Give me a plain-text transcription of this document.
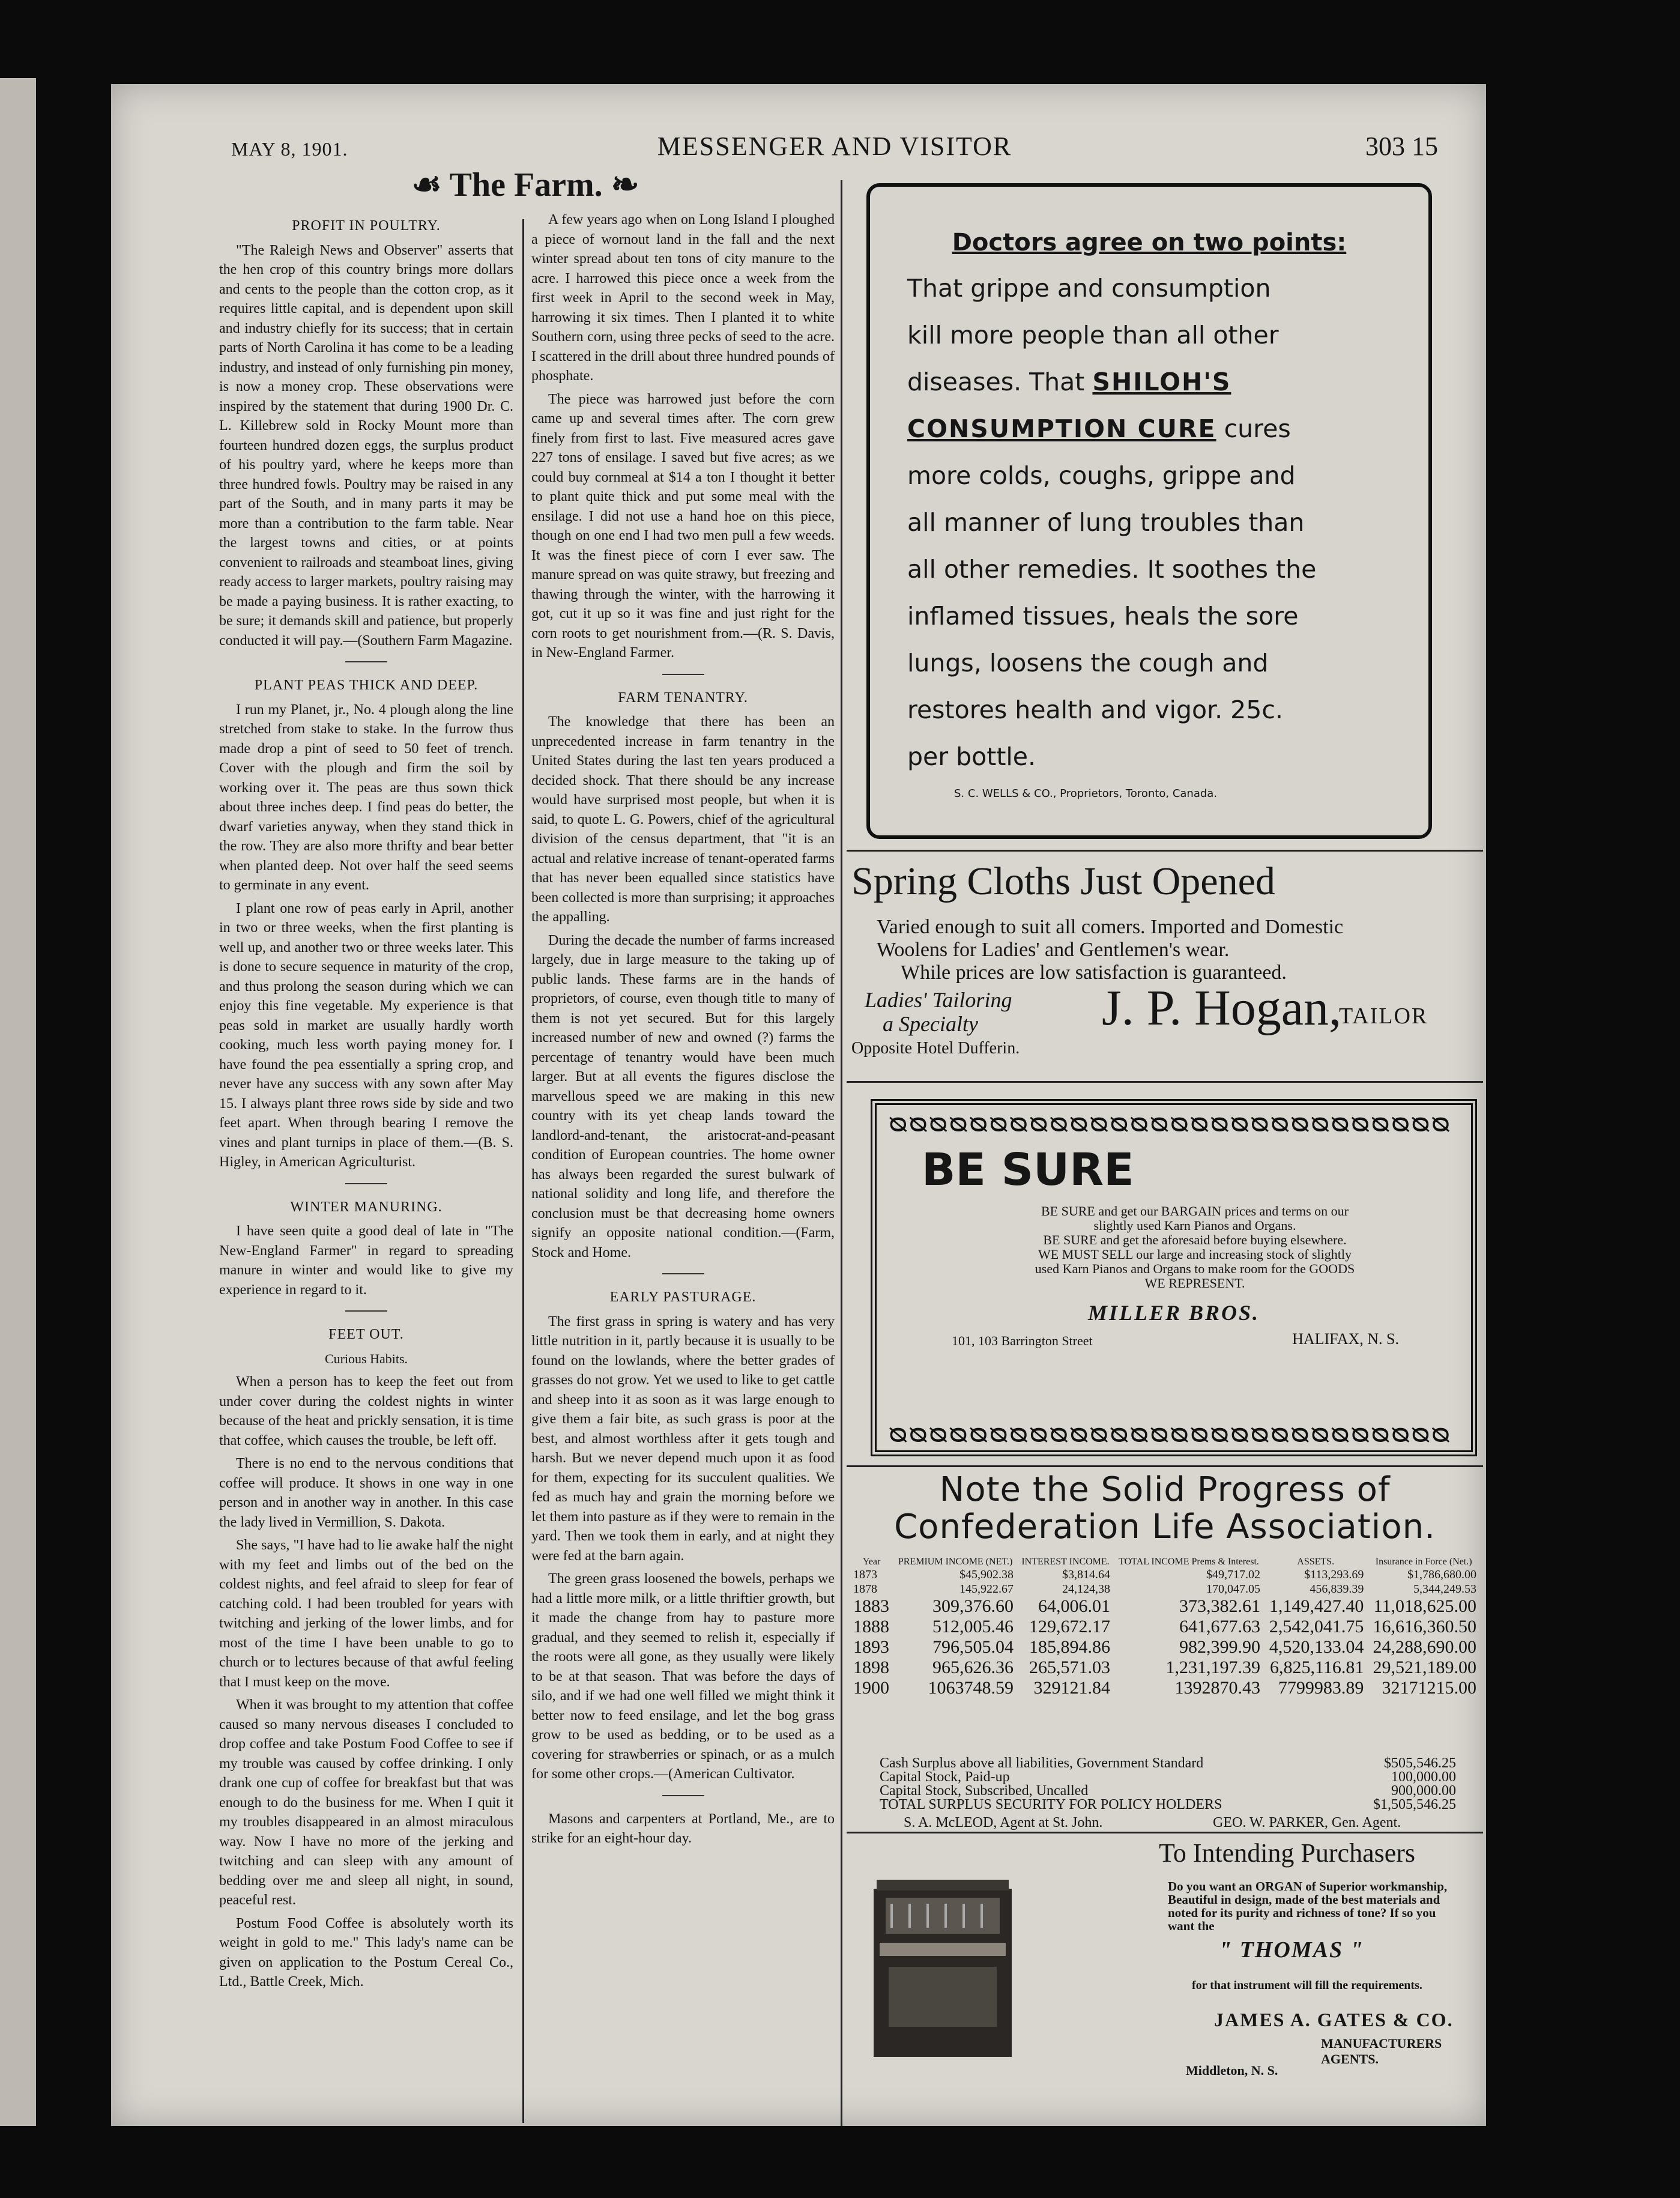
MAY 8, 1901.	MESSENGER AND VISITOR	303 15
☙ The Farm. ❧
PROFIT IN POULTRY.

"The Raleigh News and Observer" asserts that the hen crop of this country brings more dollars and cents to the people than the cotton crop, as it requires little capital, and is dependent upon skill and industry chiefly for its success; that in certain parts of North Carolina it has come to be a leading industry, and instead of only furnishing pin money, is now a money crop. These observations were inspired by the statement that during 1900 Dr. C. L. Killebrew sold in Rocky Mount more than fourteen hundred dozen eggs, the surplus product of his poultry yard, where he keeps more than three hundred fowls. Poultry may be raised in any part of the South, and in many parts it may be more than a contribution to the farm table. Near the largest towns and cities, or at points convenient to railroads and steamboat lines, giving ready access to larger markets, poultry raising may be made a paying business. It is rather exacting, to be sure; it demands skill and patience, but properly conducted it will pay.—(Southern Farm Magazine.

PLANT PEAS THICK AND DEEP.

I run my Planet, jr., No. 4 plough along the line stretched from stake to stake. In the furrow thus made drop a pint of seed to 50 feet of trench. Cover with the plough and firm the soil by working over it. The peas are thus sown thick about three inches deep. I find peas do better, the dwarf varieties anyway, when they stand thick in the row. They are also more thrifty and bear better when planted deep. Not over half the seed seems to germinate in any event.

I plant one row of peas early in April, another in two or three weeks, when the first planting is well up, and another two or three weeks later. This is done to secure sequence in maturity of the crop, and thus prolong the season during which we can enjoy this fine vegetable. My experience is that peas sold in market are usually hardly worth cooking, much less worth paying money for. I have found the pea essentially a spring crop, and never have any success with any sown after May 15. I always plant three rows side by side and two feet apart. When through bearing I remove the vines and plant turnips in place of them.—(B. S. Higley, in American Agriculturist.

WINTER MANURING.

I have seen quite a good deal of late in "The New-England Farmer" in regard to spreading manure in winter and would like to give my experience in regard to it.

FEET OUT.
Curious Habits.

When a person has to keep the feet out from under cover during the coldest nights in winter because of the heat and prickly sensation, it is time that coffee, which causes the trouble, be left off.

There is no end to the nervous conditions that coffee will produce. It shows in one way in one person and in another way in another. In this case the lady lived in Vermillion, S. Dakota.

She says, "I have had to lie awake half the night with my feet and limbs out of the bed on the coldest nights, and feel afraid to sleep for fear of catching cold. I had been troubled for years with twitching and jerking of the lower limbs, and for most of the time I have been unable to go to church or to lectures because of that awful feeling that I must keep on the move.

When it was brought to my attention that coffee caused so many nervous diseases I concluded to drop coffee and take Postum Food Coffee to see if my trouble was caused by coffee drinking. I only drank one cup of coffee for breakfast but that was enough to do the business for me. When I quit it my troubles disappeared in an almost miraculous way. Now I have no more of the jerking and twitching and can sleep with any amount of bedding over me and sleep all night, in sound, peaceful rest.

Postum Food Coffee is absolutely worth its weight in gold to me." This lady's name can be given on application to the Postum Cereal Co., Ltd., Battle Creek, Mich.

A few years ago when on Long Island I ploughed a piece of wornout land in the fall and the next winter spread about ten tons of city manure to the acre. I harrowed this piece once a week from the first week in April to the second week in May, harrowing it six times. Then I planted it to white Southern corn, using three pecks of seed to the acre. I scattered in the drill about three hundred pounds of phosphate.

The piece was harrowed just before the corn came up and several times after. The corn grew finely from first to last. Five measured acres gave 227 tons of ensilage. I saved but five acres; as we could buy cornmeal at $14 a ton I thought it better to plant quite thick and put some meal with the ensilage. I did not use a hand hoe on this piece, though on one end I had two men pull a few weeds. It was the finest piece of corn I ever saw. The manure spread on was quite strawy, but freezing and thawing through the winter, with the harrowing it got, cut it up so it was fine and just right for the corn roots to get nourishment from.—(R. S. Davis, in New-England Farmer.

FARM TENANTRY.

The knowledge that there has been an unprecedented increase in farm tenantry in the United States during the last ten years produced a decided shock. That there should be any increase would have surprised most people, but when it is said, to quote L. G. Powers, chief of the agricultural division of the census department, that "it is an actual and relative increase of tenant-operated farms that has never been equalled since statistics have been collected is more than surprising; it approaches the appalling.

During the decade the number of farms increased largely, due in large measure to the taking up of public lands. These farms are in the hands of proprietors, of course, even though title to many of them is not yet secured. But for this largely increased number of new and owned (?) farms the percentage of tenantry would have been much larger. But at all events the figures disclose the marvellous speed we are making in this new country with its yet cheap lands toward the landlord-and-tenant, the aristocrat-and-peasant condition of European countries. The home owner has always been regarded the surest bulwark of national solidity and long life, and therefore the conclusion must be that decreasing home owners signify an opposite national condition.—(Farm, Stock and Home.

EARLY PASTURAGE.

The first grass in spring is watery and has very little nutrition in it, partly because it is usually to be found on the lowlands, where the better grades of grasses do not grow. Yet we used to like to get cattle and sheep into it as soon as it was large enough to give them a fair bite, as such grass is poor at the best, and almost worthless after it gets tough and harsh. But we never depend much upon it as food for them, expecting for its succulent qualities. We fed as much hay and grain the morning before we let them into pasture as if they were to remain in the yard. Then we took them in early, and at night they were fed at the barn again.

The green grass loosened the bowels, perhaps we had a little more milk, or a little thriftier growth, but it made the change from hay to pasture more gradual, and they seemed to relish it, especially if the roots were all gone, as they usually were likely to be at that season. That was before the days of silo, and if we had one well filled we might think it better now to feed ensilage, and let the bog grass grow to be used as bedding, or to be used as a covering for strawberries or spinach, or as a mulch for some other crops.—(American Cultivator.

Masons and carpenters at Portland, Me., are to strike for an eight-hour day.

Doctors agree on two points:
That grippe and consumption
kill more people than all other
diseases. That SHILOH'S
CONSUMPTION CURE cures
more colds, coughs, grippe and
all manner of lung troubles than
all other remedies. It soothes the
inflamed tissues, heals the sore
lungs, loosens the cough and
restores health and vigor. 25c.
per bottle.
S. C. WELLS & CO., Proprietors, Toronto, Canada.
Spring Cloths Just Opened
Varied enough to suit all comers. Imported and Domestic
Woolens for Ladies' and Gentlemen's wear.
While prices are low satisfaction is guaranteed.
Ladies' Tailoring
a Specialty	J. P. Hogan,
TAILOR
Opposite Hotel Dufferin.
ᴓᴓᴓᴓᴓᴓᴓᴓᴓᴓᴓᴓᴓᴓᴓᴓᴓᴓᴓᴓᴓᴓᴓᴓᴓᴓᴓᴓ
ᴓᴓᴓᴓᴓᴓᴓᴓᴓᴓᴓᴓᴓᴓᴓᴓᴓᴓᴓᴓᴓᴓᴓᴓᴓᴓᴓᴓ
BE SURE
BE SURE and get our BARGAIN prices and terms on our
slightly used Karn Pianos and Organs.
BE SURE and get the aforesaid before buying elsewhere.
WE MUST SELL our large and increasing stock of slightly
used Karn Pianos and Organs to make room for the GOODS
WE REPRESENT.
MILLER BROS.
101, 103 Barrington Street	HALIFAX, N. S.
Note the Solid Progress of
Confederation Life Association.
Year	PREMIUM INCOME (NET.)	INTEREST INCOME.	TOTAL INCOME Prems & Interest.	ASSETS.	Insurance in Force (Net.)
1873	$45,902.38	$3,814.64	$49,717.02	$113,293.69	$1,786,680.00
1878	145,922.67	24,124,38	170,047.05	456,839.39	5,344,249.53
1883	309,376.60	64,006.01	373,382.61	1,149,427.40	11,018,625.00
1888	512,005.46	129,672.17	641,677.63	2,542,041.75	16,616,360.50
1893	796,505.04	185,894.86	982,399.90	4,520,133.04	24,288,690.00
1898	965,626.36	265,571.03	1,231,197.39	6,825,116.81	29,521,189.00
1900	1063748.59	329121.84	1392870.43	7799983.89	32171215.00
Cash Surplus above all liabilities, Government Standard	$505,546.25
Capital Stock, Paid-up	100,000.00
Capital Stock, Subscribed, Uncalled	900,000.00
TOTAL SURPLUS SECURITY FOR POLICY HOLDERS	$1,505,546.25
S. A. McLEOD, Agent at St. John.	GEO. W. PARKER, Gen. Agent.
To Intending Purchasers
Do you want an ORGAN of Superior workmanship,
Beautiful in design, made of the best materials and
noted for its purity and richness of tone? If so you
want the
" THOMAS "
for that instrument will fill the requirements.
JAMES A. GATES & CO.
MANUFACTURERS AGENTS.
Middleton, N. S.
